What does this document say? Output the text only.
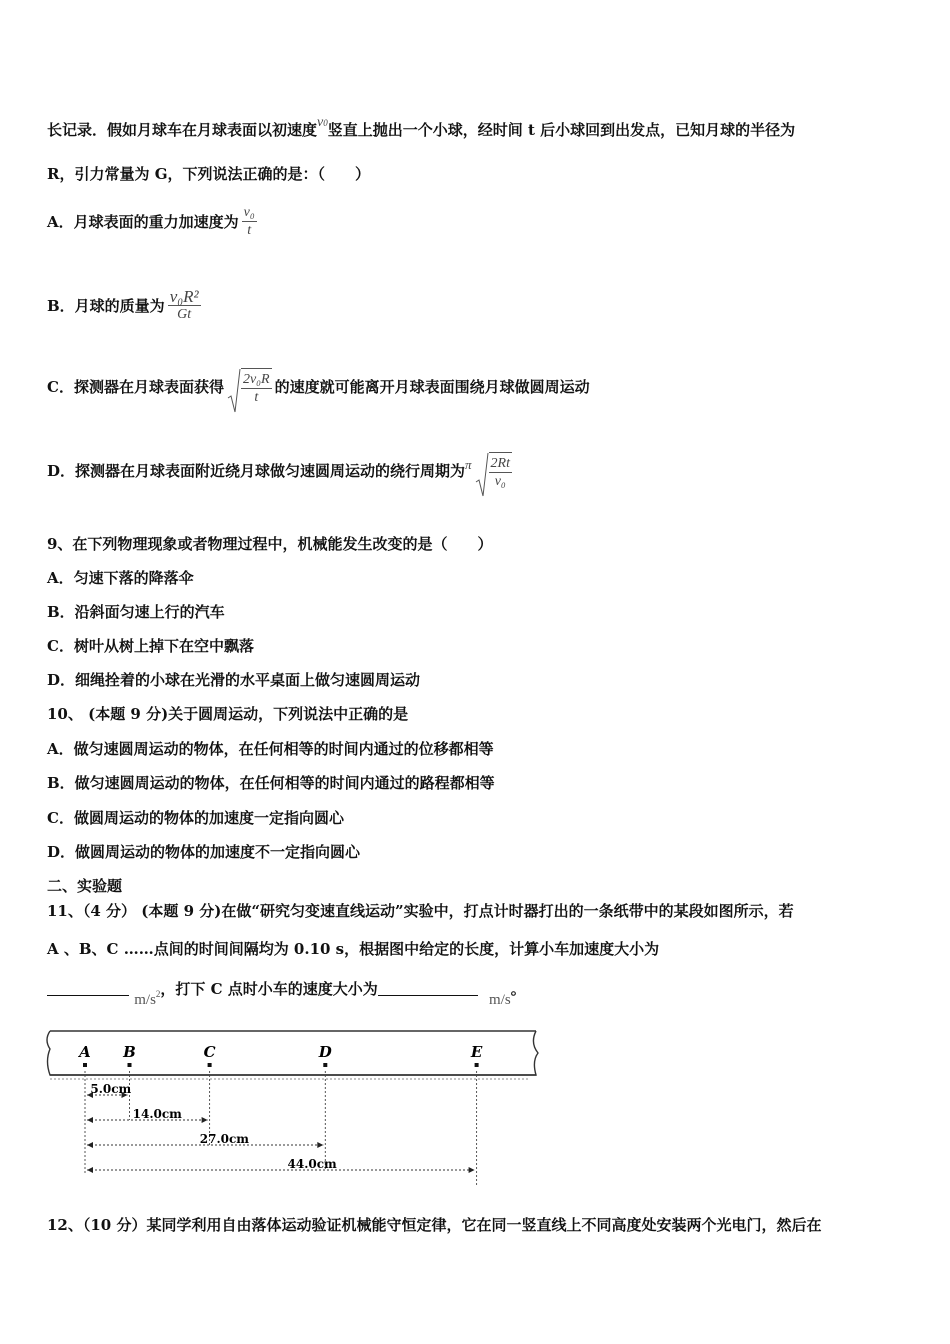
长记录．假如月球车在月球表面以初速度v0竖直上抛出一个小球，经时间 t 后小球回到出发点，已知月球的半径为
R，引力常量为 G，下列说法正确的是：（　　）
A．月球表面的重力加速度为 $\frac{\text{v₀}}{t}$
B．月球的质量为 $\frac{\text{v₀R²}}{Gt}$
C．探测器在月球表面获得 $\frac{\text{2v₀R}}{t}$ 的速度就可能离开月球表面围绕月球做圆周运动
D．探测器在月球表面附近绕月球做匀速圆周运动的绕行周期为π $\frac{2Rt}{\text{v₀}}$
9、在下列物理现象或者物理过程中，机械能发生改变的是（　　）
A．匀速下落的降落伞
B．沿斜面匀速上行的汽车
C．树叶从树上掉下在空中飘落
D．细绳拴着的小球在光滑的水平桌面上做匀速圆周运动
10、 (本题 9 分)关于圆周运动，下列说法中正确的是
A．做匀速圆周运动的物体，在任何相等的时间内通过的位移都相等
B．做匀速圆周运动的物体，在任何相等的时间内通过的路程都相等
C．做圆周运动的物体的加速度一定指向圆心
D．做圆周运动的物体的加速度不一定指向圆心
二、实验题
11、（4 分） (本题 9 分)在做“研究匀变速直线运动”实验中，打点计时器打出的一条纸带中的某段如图所示，若
A 、B、C ……点间的时间间隔均为 0.10 s，根据图中给定的长度，计算小车加速度大小为
$m/s^2$，打下 C 点时小车的速度大小为 m/s。
A B	C	D	E
5.0cm
14.0cm
27.0cm
44.0cm
12、（10 分）某同学利用自由落体运动验证机械能守恒定律，它在同一竖直线上不同高度处安装两个光电门，然后在
